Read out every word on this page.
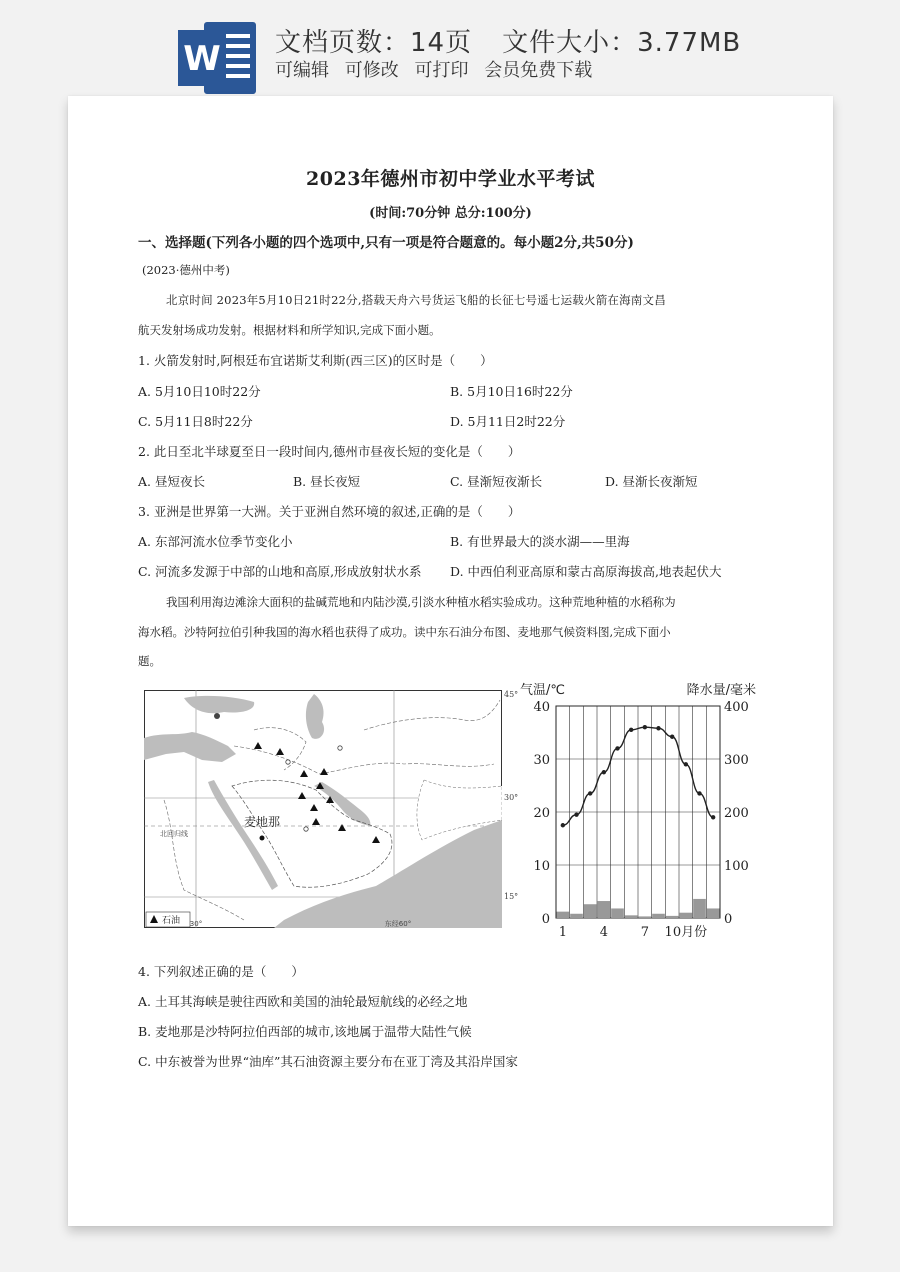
W 文档页数：14页 文件大小：3.77MB
可编辑 可修改 可打印 会员免费下载
2023年德州市初中学业水平考试
(时间:70分钟 总分:100分)
一、选择题(下列各小题的四个选项中,只有一项是符合题意的。每小题2分,共50分)
(2023·德州中考)
北京时间 2023年5月10日21时22分,搭载天舟六号货运飞船的长征七号遥七运载火箭在海南文昌
航天发射场成功发射。根据材料和所学知识,完成下面小题。
1. 火箭发射时,阿根廷布宜诺斯艾利斯(西三区)的区时是（　　）
A. 5月10日10时22分	B. 5月10日16时22分
C. 5月11日8时22分	D. 5月11日2时22分
2. 此日至北半球夏至日一段时间内,德州市昼夜长短的变化是（　　）
A. 昼短夜长	B. 昼长夜短	C. 昼渐短夜渐长	D. 昼渐长夜渐短
3. 亚洲是世界第一大洲。关于亚洲自然环境的叙述,正确的是（　　）
A. 东部河流水位季节变化小	B. 有世界最大的淡水湖——里海
C. 河流多发源于中部的山地和高原,形成放射状水系 D. 中西伯利亚高原和蒙古高原海拔高,地表起伏大
我国利用海边滩涂大面积的盐碱荒地和内陆沙漠,引淡水种植水稻实验成功。这种荒地种植的水稻称为
海水稻。沙特阿拉伯引种我国的海水稻也获得了成功。读中东石油分布图、麦地那气候资料图,完成下面小
题。
麦地那
北回归线
石油 30°	东经60°
45°
30°
15°
气温/℃	降水量/毫米
0
10
20
30
40
0
100
200
300
400
1	4	7 10月份
4. 下列叙述正确的是（　　）
A. 土耳其海峡是驶往西欧和美国的油轮最短航线的必经之地
B. 麦地那是沙特阿拉伯西部的城市,该地属于温带大陆性气候
C. 中东被誉为世界“油库”其石油资源主要分布在亚丁湾及其沿岸国家
